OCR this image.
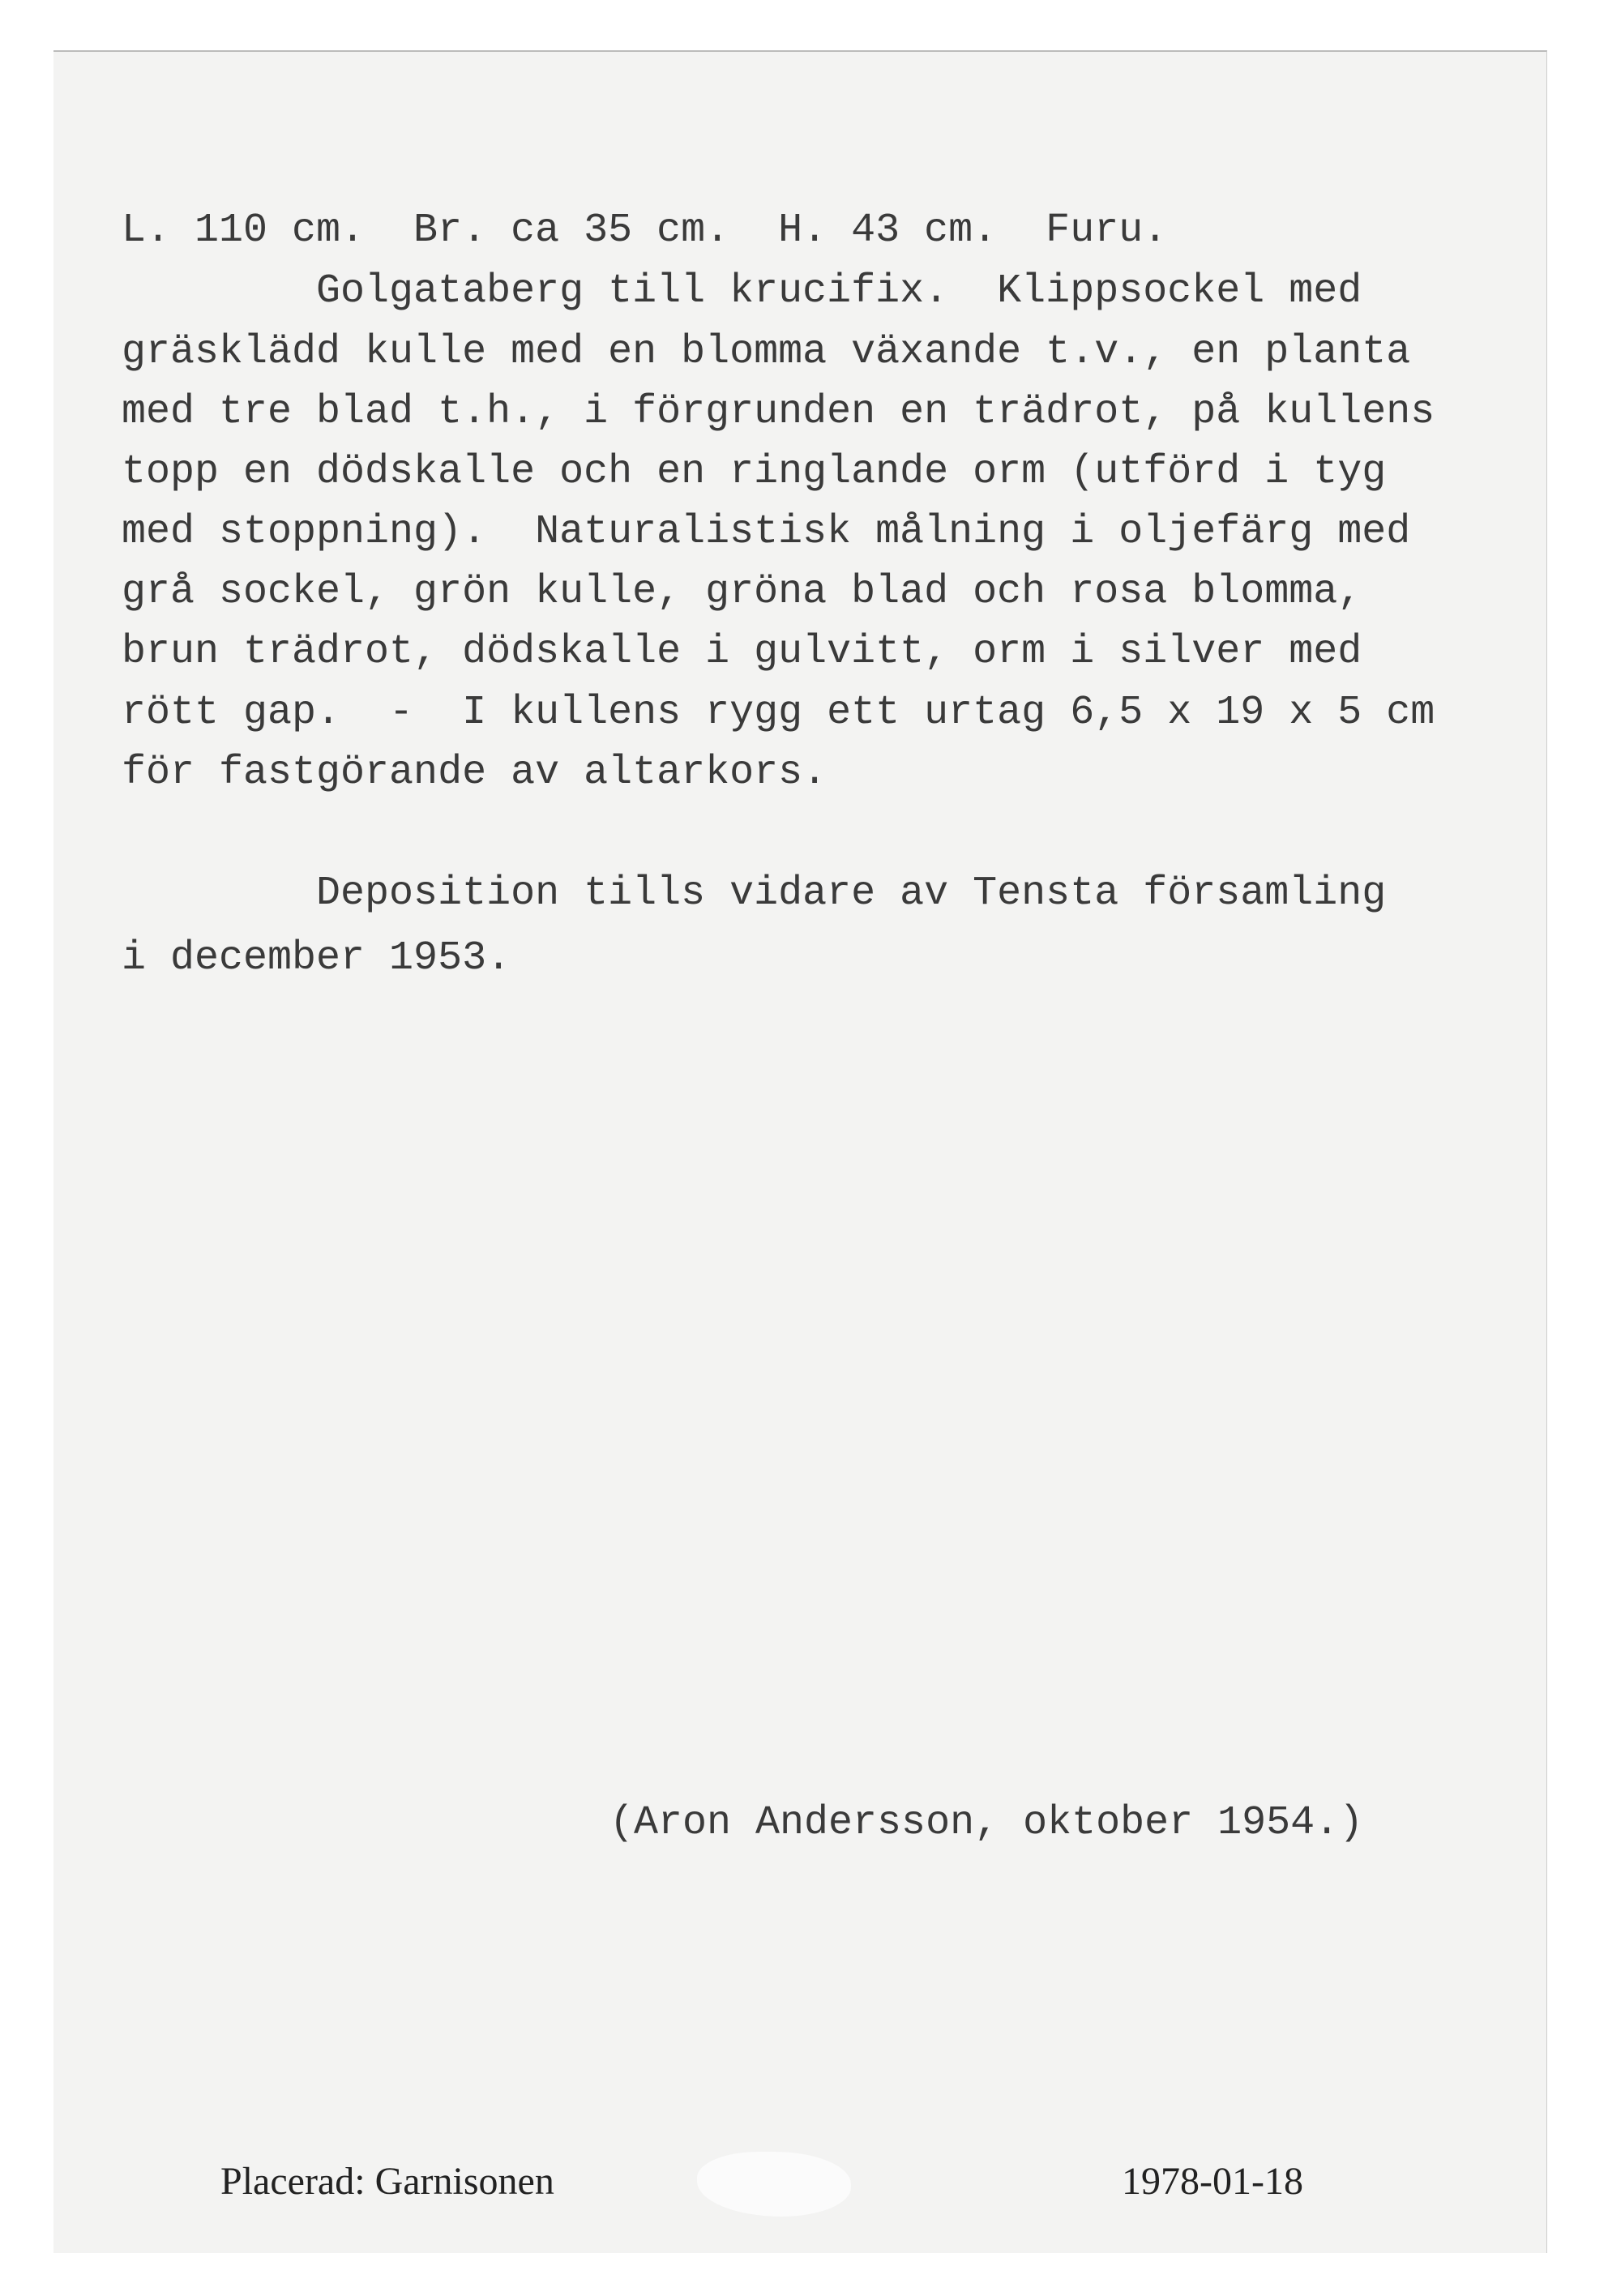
L. 110 cm.  Br. ca 35 cm.  H. 43 cm.  Furu.
Golgataberg till krucifix.  Klippsockel med
gräsklädd kulle med en blomma växande t.v., en planta
med tre blad t.h., i förgrunden en trädrot, på kullens
topp en dödskalle och en ringlande orm (utförd i tyg
med stoppning).  Naturalistisk målning i oljefärg med
grå sockel, grön kulle, gröna blad och rosa blomma,
brun trädrot, dödskalle i gulvitt, orm i silver med
rött gap.  -  I kullens rygg ett urtag 6,5 x 19 x 5 cm
för fastgörande av altarkors.
Deposition tills vidare av Tensta församling
i december 1953.
(Aron Andersson, oktober 1954.)
Placerad: Garnisonen	1978-01-18
